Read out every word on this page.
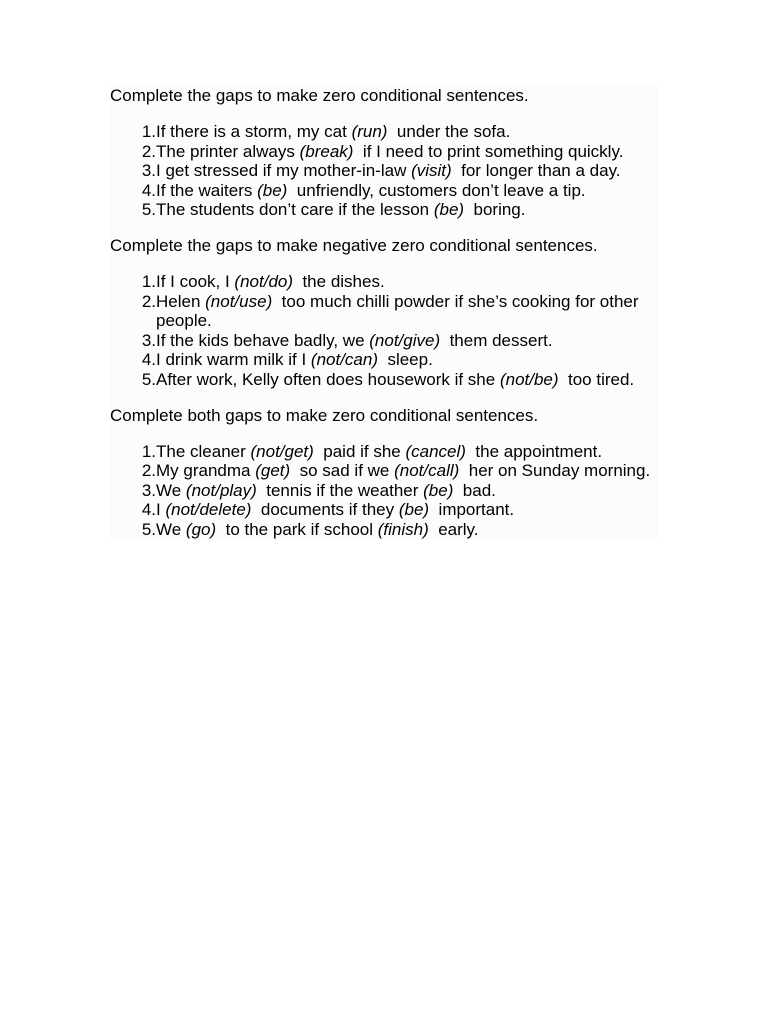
Complete the gaps to make zero conditional sentences.

1. If there is a storm, my cat (run)  under the sofa.
2. The printer always (break)  if I need to print something quickly.
3. I get stressed if my mother-in-law (visit)  for longer than a day.
4. If the waiters (be)  unfriendly, customers don’t leave a tip.
5. The students don’t care if the lesson (be)  boring.

Complete the gaps to make negative zero conditional sentences.

1. If I cook, I (not/do)  the dishes.
2. Helen (not/use)  too much chilli powder if she’s cooking for other people.
3. If the kids behave badly, we (not/give)  them dessert.
4. I drink warm milk if I (not/can)  sleep.
5. After work, Kelly often does housework if she (not/be)  too tired.

Complete both gaps to make zero conditional sentences.

1. The cleaner (not/get)  paid if she (cancel)  the appointment.
2. My grandma (get)  so sad if we (not/call)  her on Sunday morning.
3. We (not/play)  tennis if the weather (be)  bad.
4. I (not/delete)  documents if they (be)  important.
5. We (go)  to the park if school (finish)  early.
